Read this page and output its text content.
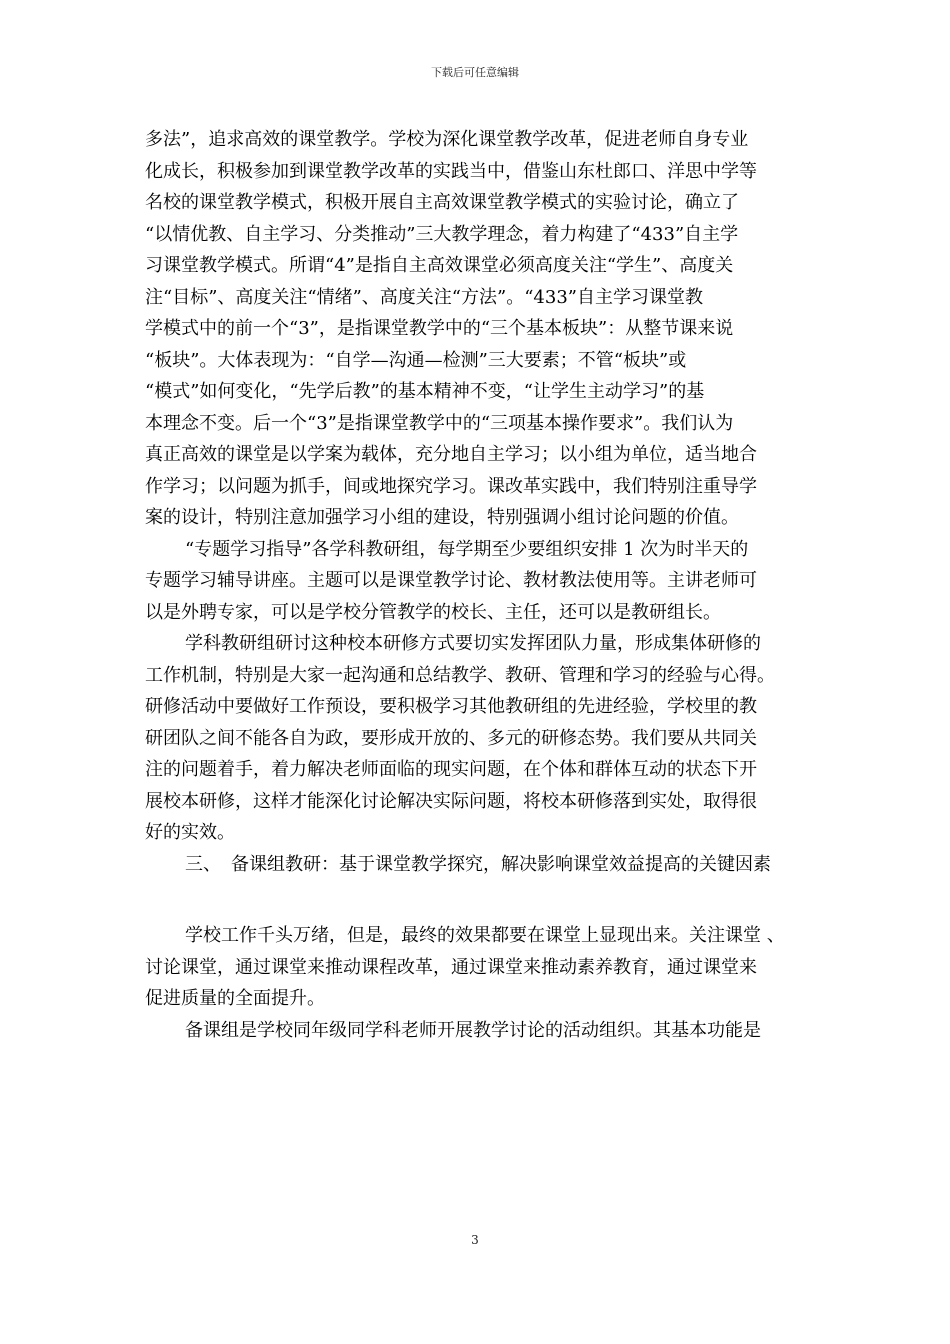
下载后可任意编辑
多法”，追求高效的课堂教学。学校为深化课堂教学改革，促进老师自身专业
化成长，积极参加到课堂教学改革的实践当中，借鉴山东杜郎口、洋思中学等
名校的课堂教学模式，积极开展自主高效课堂教学模式的实验讨论，确立了
“以情优教、自主学习、分类推动”三大教学理念，着力构建了“433”自主学
习课堂教学模式。所谓“4”是指自主高效课堂必须高度关注“学生”、高度关
注“目标”、高度关注“情绪”、高度关注“方法”。“433”自主学习课堂教
学模式中的前一个“3”，是指课堂教学中的“三个基本板块”：从整节课来说
“板块”。大体表现为：“自学—沟通—检测”三大要素；不管“板块”或
“模式”如何变化，“先学后教”的基本精神不变，“让学生主动学习”的基
本理念不变。后一个“3”是指课堂教学中的“三项基本操作要求”。我们认为
真正高效的课堂是以学案为载体，充分地自主学习；以小组为单位，适当地合
作学习；以问题为抓手，间或地探究学习。课改革实践中，我们特别注重导学
案的设计，特别注意加强学习小组的建设，特别强调小组讨论问题的价值。
“专题学习指导”各学科教研组，每学期至少要组织安排 1 次为时半天的
专题学习辅导讲座。主题可以是课堂教学讨论、教材教法使用等。主讲老师可
以是外聘专家，可以是学校分管教学的校长、主任，还可以是教研组长。
学科教研组研讨这种校本研修方式要切实发挥团队力量，形成集体研修的
工作机制，特别是大家一起沟通和总结教学、教研、管理和学习的经验与心得。
研修活动中要做好工作预设，要积极学习其他教研组的先进经验，学校里的教
研团队之间不能各自为政，要形成开放的、多元的研修态势。我们要从共同关
注的问题着手，着力解决老师面临的现实问题，在个体和群体互动的状态下开
展校本研修，这样才能深化讨论解决实际问题，将校本研修落到实处，取得很
好的实效。
三、 备课组教研：基于课堂教学探究，解决影响课堂效益提高的关键因素
学校工作千头万绪，但是，最终的效果都要在课堂上显现出来。关注课堂 、
讨论课堂，通过课堂来推动课程改革，通过课堂来推动素养教育，通过课堂来
促进质量的全面提升。
备课组是学校同年级同学科老师开展教学讨论的活动组织。其基本功能是
3
